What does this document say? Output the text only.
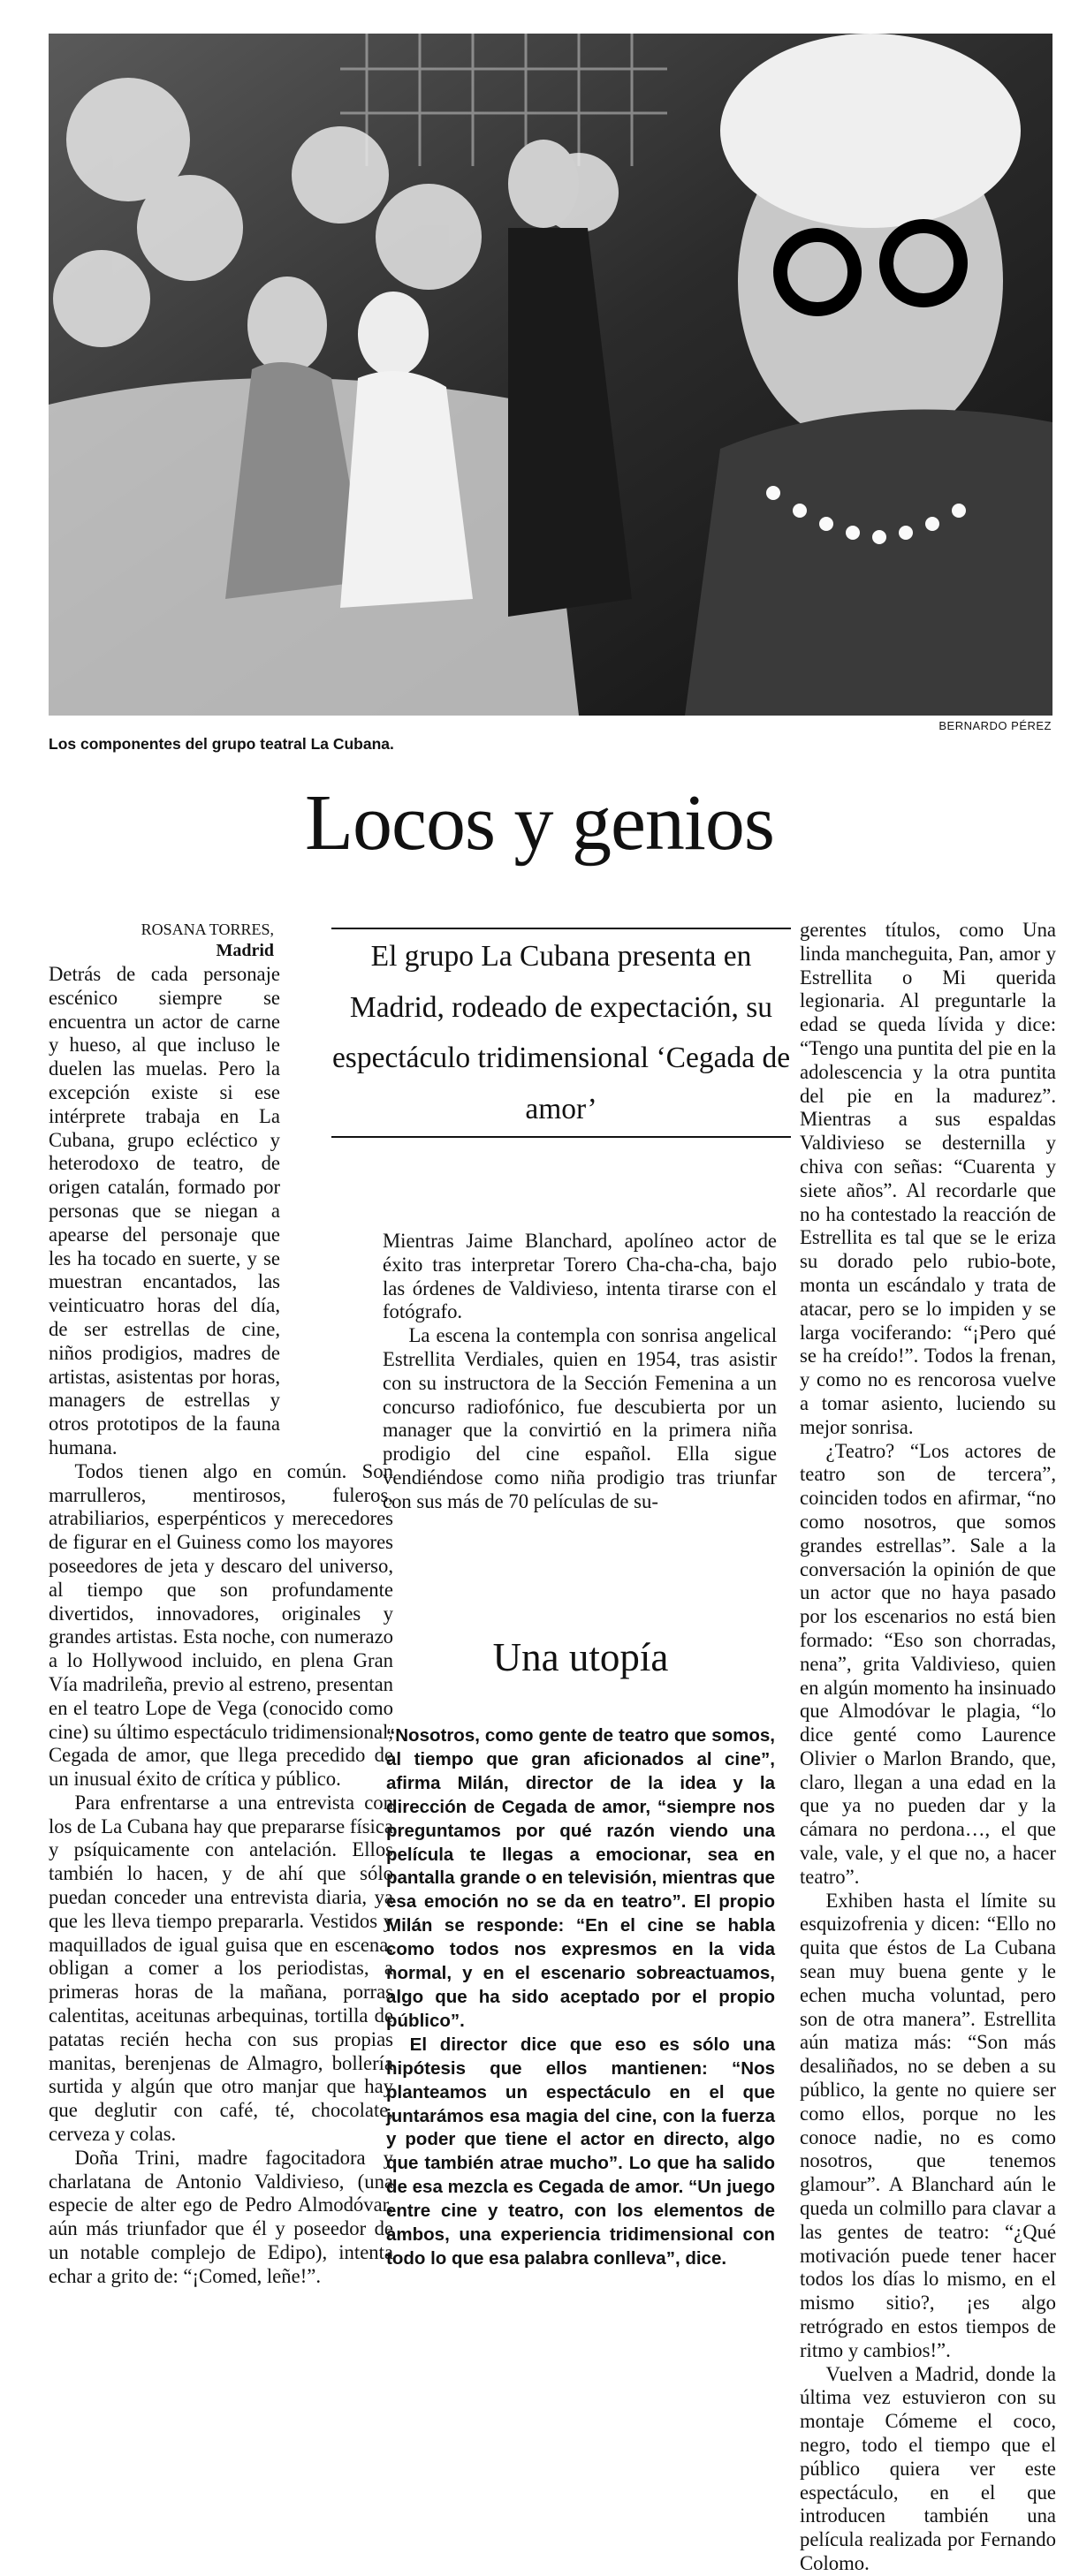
BERNARDO PÉREZ
Los componentes del grupo teatral La Cubana.
Locos y genios
ROSANA TORRES,
Madrid

Detrás de cada personaje escénico siempre se encuentra un actor de carne y hueso, al que incluso le duelen las muelas. Pero la excepción existe si ese intérprete trabaja en La Cubana, grupo ecléctico y heterodoxo de teatro, de origen catalán, formado por personas que se niegan a apearse del personaje que les ha tocado en suerte, y se muestran encantados, las veinticuatro horas del día, de ser estrellas de cine, niños prodigios, madres de artistas, asistentas por horas, managers de estrellas y otros prototipos de la fauna humana.

Todos tienen algo en común. Son marrulleros, mentirosos, fuleros, atrabiliarios, esperpénticos y merecedores de figurar en el Guiness como los mayores poseedores de jeta y descaro del universo, al tiempo que son profundamente divertidos, innovadores, originales y grandes artistas. Esta noche, con numerazo a lo Hollywood incluido, en plena Gran Vía madrileña, previo al estreno, presentan en el teatro Lope de Vega (conocido como cine) su último espectáculo tridimensional, Cegada de amor, que llega precedido de un inusual éxito de crítica y público.

Para enfrentarse a una entrevista con los de La Cubana hay que prepararse física y psíquicamente con antelación. Ellos también lo hacen, y de ahí que sólo puedan conceder una entrevista diaria, ya que les lleva tiempo prepararla. Vestidos y maquillados de igual guisa que en escena, obligan a comer a los periodistas, a primeras horas de la mañana, porras calentitas, aceitunas arbequinas, tortilla de patatas recién hecha con sus propias manitas, berenjenas de Almagro, bollería surtida y algún que otro manjar que hay que deglutir con café, té, chocolate, cerveza y colas.

Doña Trini, madre fagocitadora y charlatana de Antonio Valdivieso, (una especie de alter ego de Pedro Almodóvar, aún más triunfador que él y poseedor de un notable complejo de Edipo), intenta echar a grito de: “¡Comed, leñe!”.

El grupo La Cubana presenta en Madrid, rodeado de expectación, su espectáculo tridimensional ‘Cegada de amor’

Mientras Jaime Blanchard, apolíneo actor de éxito tras interpretar Torero Cha-cha-cha, bajo las órdenes de Valdivieso, intenta tirarse con el fotógrafo.

La escena la contempla con sonrisa angelical Estrellita Verdiales, quien en 1954, tras asistir con su instructora de la Sección Femenina a un concurso radiofónico, fue descubierta por un manager que la convirtió en la primera niña prodigio del cine español. Ella sigue vendiéndose como niña prodigio tras triunfar con sus más de 70 películas de su-

Una utopía

“Nosotros, como gente de teatro que somos, al tiempo que gran aficionados al cine”, afirma Milán, director de la idea y la dirección de Cegada de amor, “siempre nos preguntamos por qué razón viendo una película te llegas a emocionar, sea en pantalla grande o en televisión, mientras que esa emoción no se da en teatro”. El propio Milán se responde: “En el cine se habla como todos nos expresmos en la vida normal, y en el escenario sobreactuamos, algo que ha sido aceptado por el propio público”.

El director dice que eso es sólo una hipótesis que ellos mantienen: “Nos planteamos un espectáculo en el que juntarámos esa magia del cine, con la fuerza y poder que tiene el actor en directo, algo que también atrae mucho”. Lo que ha salido de esa mezcla es Cegada de amor. “Un juego entre cine y teatro, con los elementos de ambos, una experiencia tridimensional con todo lo que esa palabra conlleva”, dice.

gerentes títulos, como Una linda mancheguita, Pan, amor y Estrellita o Mi querida legionaria. Al preguntarle la edad se queda lívida y dice: “Tengo una puntita del pie en la adolescencia y la otra puntita del pie en la madurez”. Mientras a sus espaldas Valdivieso se desternilla y chiva con señas: “Cuarenta y siete años”. Al recordarle que no ha contestado la reacción de Estrellita es tal que se le eriza su dorado pelo rubio-bote, monta un escándalo y trata de atacar, pero se lo impiden y se larga vociferando: “¡Pero qué se ha creído!”. Todos la frenan, y como no es rencorosa vuelve a tomar asiento, luciendo su mejor sonrisa.

¿Teatro? “Los actores de teatro son de tercera”, coinciden todos en afirmar, “no como nosotros, que somos grandes estrellas”. Sale a la conversación la opinión de que un actor que no haya pasado por los escenarios no está bien formado: “Eso son chorradas, nena”, grita Valdivieso, quien en algún momento ha insinuado que Almodóvar le plagia, “lo dice genté como Laurence Olivier o Marlon Brando, que, claro, llegan a una edad en la que ya no pueden dar y la cámara no perdona…, el que vale, vale, y el que no, a hacer teatro”.

Exhiben hasta el límite su esquizofrenia y dicen: “Ello no quita que éstos de La Cubana sean muy buena gente y le echen mucha voluntad, pero son de otra manera”. Estrellita aún matiza más: “Son más desaliñados, no se deben a su público, la gente no quiere ser como ellos, porque no les conoce nadie, no es como nosotros, que tenemos glamour”. A Blanchard aún le queda un colmillo para clavar a las gentes de teatro: “¿Qué motivación puede tener hacer todos los días lo mismo, en el mismo sitio?, ¡es algo retrógrado en estos tiempos de ritmo y cambios!”.

Vuelven a Madrid, donde la última vez estuvieron con su montaje Cómeme el coco, negro, todo el tiempo que el público quiera ver este espectáculo, en el que introducen también una película realizada por Fernando Colomo.
